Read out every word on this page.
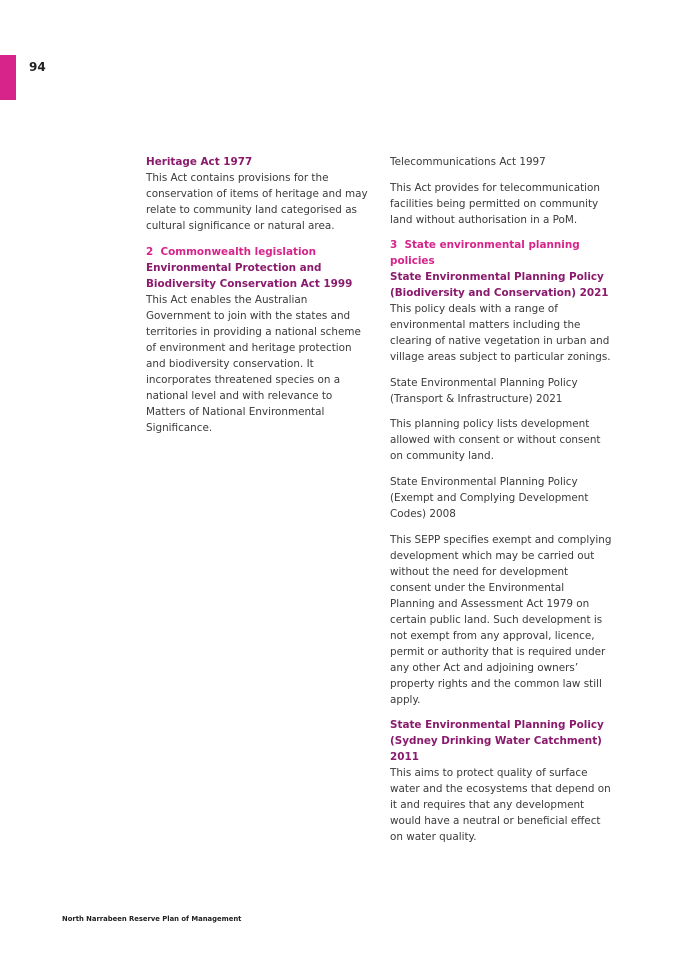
94

Heritage Act 1977
This Act contains provisions for the conservation of items of heritage and may relate to community land categorised as cultural significance or natural area.

2 Commonwealth legislation
Environmental Protection and
Biodiversity Conservation Act 1999
This Act enables the Australian Government to join with the states and territories in providing a national scheme of environment and heritage protection and biodiversity conservation. It incorporates threatened species on a national level and with relevance to Matters of National Environmental Significance.

Telecommunications Act 1997

This Act provides for telecommunication facilities being permitted on community land without authorisation in a PoM.

3 State environmental planning policies
State Environmental Planning Policy
(Biodiversity and Conservation) 2021
This policy deals with a range of environmental matters including the clearing of native vegetation in urban and village areas subject to particular zonings.

State Environmental Planning Policy (Transport & Infrastructure) 2021

This planning policy lists development allowed with consent or without consent on community land.

State Environmental Planning Policy (Exempt and Complying Development Codes) 2008

This SEPP specifies exempt and complying development which may be carried out without the need for development consent under the Environmental Planning and Assessment Act 1979 on certain public land. Such development is not exempt from any approval, licence, permit or authority that is required under any other Act and adjoining owners’ property rights and the common law still apply.

State Environmental Planning Policy
(Sydney Drinking Water Catchment) 2011
This aims to protect quality of surface water and the ecosystems that depend on it and requires that any development would have a neutral or beneficial effect on water quality.

North Narrabeen Reserve Plan of Management
